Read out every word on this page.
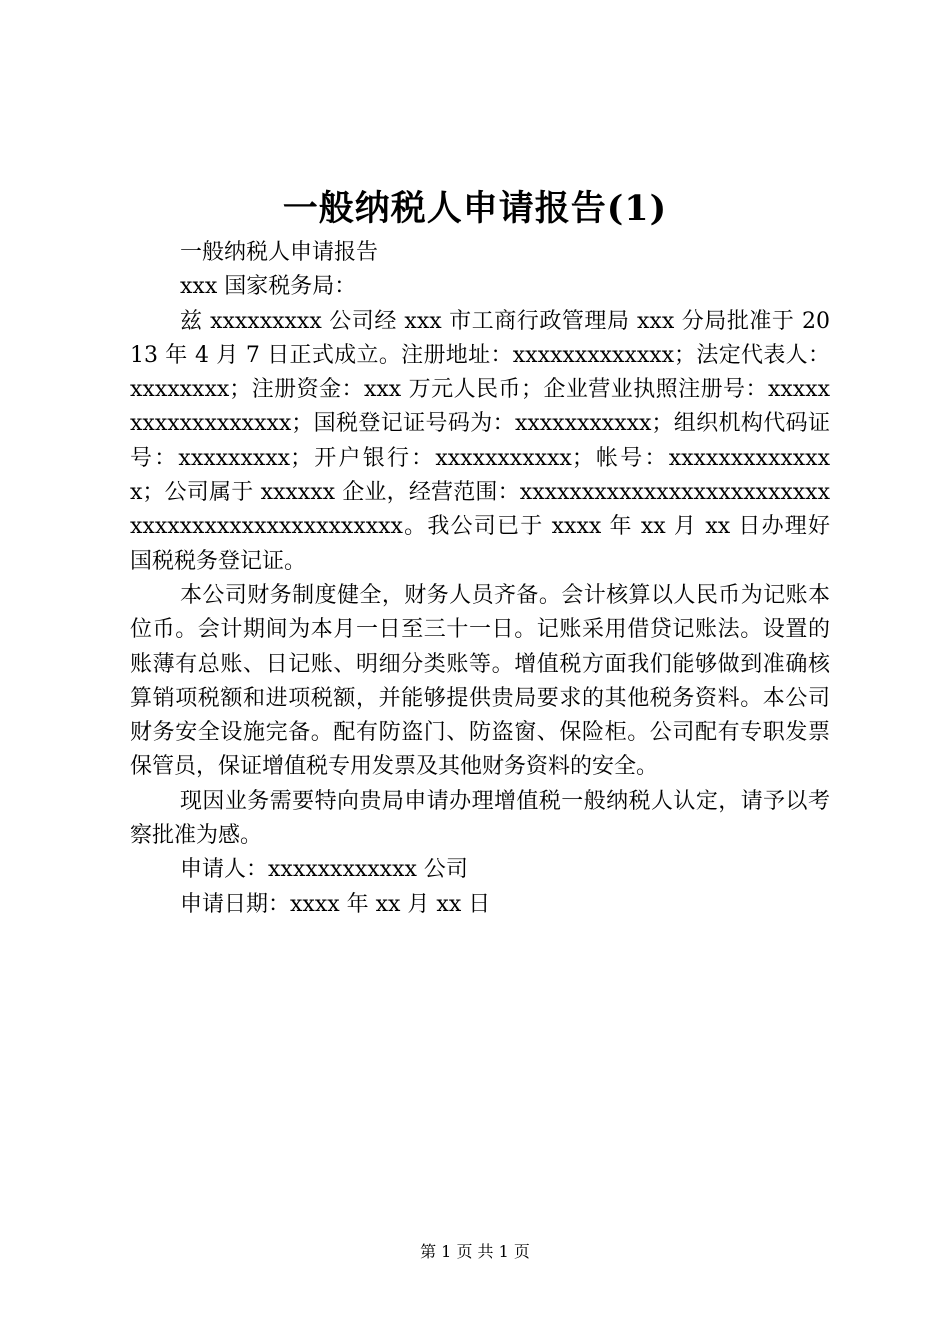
一般纳税人申请报告(1)

一般纳税人申请报告

xxx 国家税务局：

兹 xxxxxxxxx 公司经 xxx 市工商行政管理局 xxx 分局批准于 2013 年 4 月 7 日正式成立。注册地址：xxxxxxxxxxxxx；法定代表人：xxxxxxxx；注册资金：xxx 万元人民币；企业营业执照注册号：xxxxxxxxxxxxxxxxxx；国税登记证号码为：xxxxxxxxxxx；组织机构代码证号：xxxxxxxxx；开户银行：xxxxxxxxxxx；帐号：xxxxxxxxxxxxxx；公司属于 xxxxxx 企业，经营范围：xxxxxxxxxxxxxxxxxxxxxxxxxxxxxxxxxxxxxxxxxxxxxxx。我公司已于 xxxx 年 xx 月 xx 日办理好国税税务登记证。

本公司财务制度健全，财务人员齐备。会计核算以人民币为记账本位币。会计期间为本月一日至三十一日。记账采用借贷记账法。设置的账薄有总账、日记账、明细分类账等。增值税方面我们能够做到准确核算销项税额和进项税额，并能够提供贵局要求的其他税务资料。本公司财务安全设施完备。配有防盗门、防盗窗、保险柜。公司配有专职发票保管员，保证增值税专用发票及其他财务资料的安全。

现因业务需要特向贵局申请办理增值税一般纳税人认定，请予以考察批准为感。

申请人：xxxxxxxxxxxx 公司

申请日期：xxxx 年 xx 月 xx 日

第 1 页 共 1 页
